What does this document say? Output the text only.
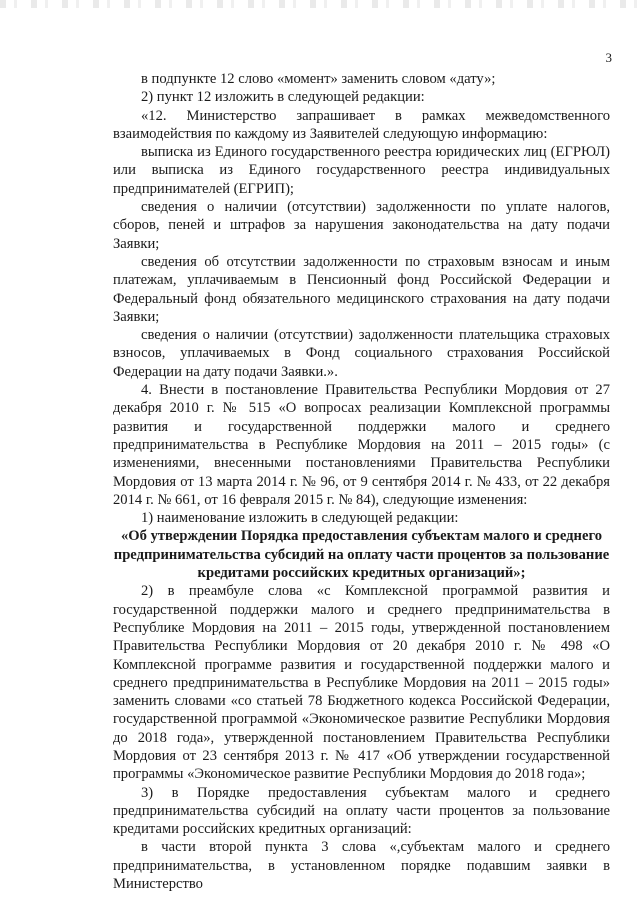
3

в подпункте 12 слово «момент» заменить словом «дату»;

2) пункт 12 изложить в следующей редакции:

«12. Министерство запрашивает в рамках межведомственного взаимодействия по каждому из Заявителей следующую информацию:

выписка из Единого государственного реестра юридических лиц (ЕГРЮЛ) или выписка из Единого государственного реестра индивидуальных предпринимателей (ЕГРИП);

сведения о наличии (отсутствии) задолженности по уплате налогов, сборов, пеней и штрафов за нарушения законодательства на дату подачи Заявки;

сведения об отсутствии задолженности по страховым взносам и иным платежам, уплачиваемым в Пенсионный фонд Российской Федерации и Федеральный фонд обязательного медицинского страхования на дату подачи Заявки;

сведения о наличии (отсутствии) задолженности плательщика страховых взносов, уплачиваемых в Фонд социального страхования Российской Федерации на дату подачи Заявки.».

4. Внести в постановление Правительства Республики Мордовия от 27 декабря 2010 г. № 515 «О вопросах реализации Комплексной программы развития и государственной поддержки малого и среднего предпринимательства в Республике Мордовия на 2011 – 2015 годы» (с изменениями, внесенными постановлениями Правительства Республики Мордовия от 13 марта 2014 г. № 96, от 9 сентября 2014 г. № 433, от 22 декабря 2014 г. № 661, от 16 февраля 2015 г. № 84), следующие изменения:

1) наименование изложить в следующей редакции:

«Об утверждении Порядка предоставления субъектам малого и среднего предпринимательства субсидий на оплату части процентов за пользование кредитами российских кредитных организаций»;

2) в преамбуле слова «с Комплексной программой развития и государственной поддержки малого и среднего предпринимательства в Республике Мордовия на 2011 – 2015 годы, утвержденной постановлением Правительства Республики Мордовия от 20 декабря 2010 г. № 498 «О Комплексной программе развития и государственной поддержки малого и среднего предпринимательства в Республике Мордовия на 2011 – 2015 годы» заменить словами «со статьей 78 Бюджетного кодекса Российской Федерации, государственной программой «Экономическое развитие Республики Мордовия до 2018 года», утвержденной постановлением Правительства Республики Мордовия от 23 сентября 2013 г. № 417 «Об утверждении государственной программы «Экономическое развитие Республики Мордовия до 2018 года»;

3) в Порядке предоставления субъектам малого и среднего предпринимательства субсидий на оплату части процентов за пользование кредитами российских кредитных организаций:

в части второй пункта 3 слова «,субъектам малого и среднего предпринимательства, в установленном порядке подавшим заявки в Министерство
